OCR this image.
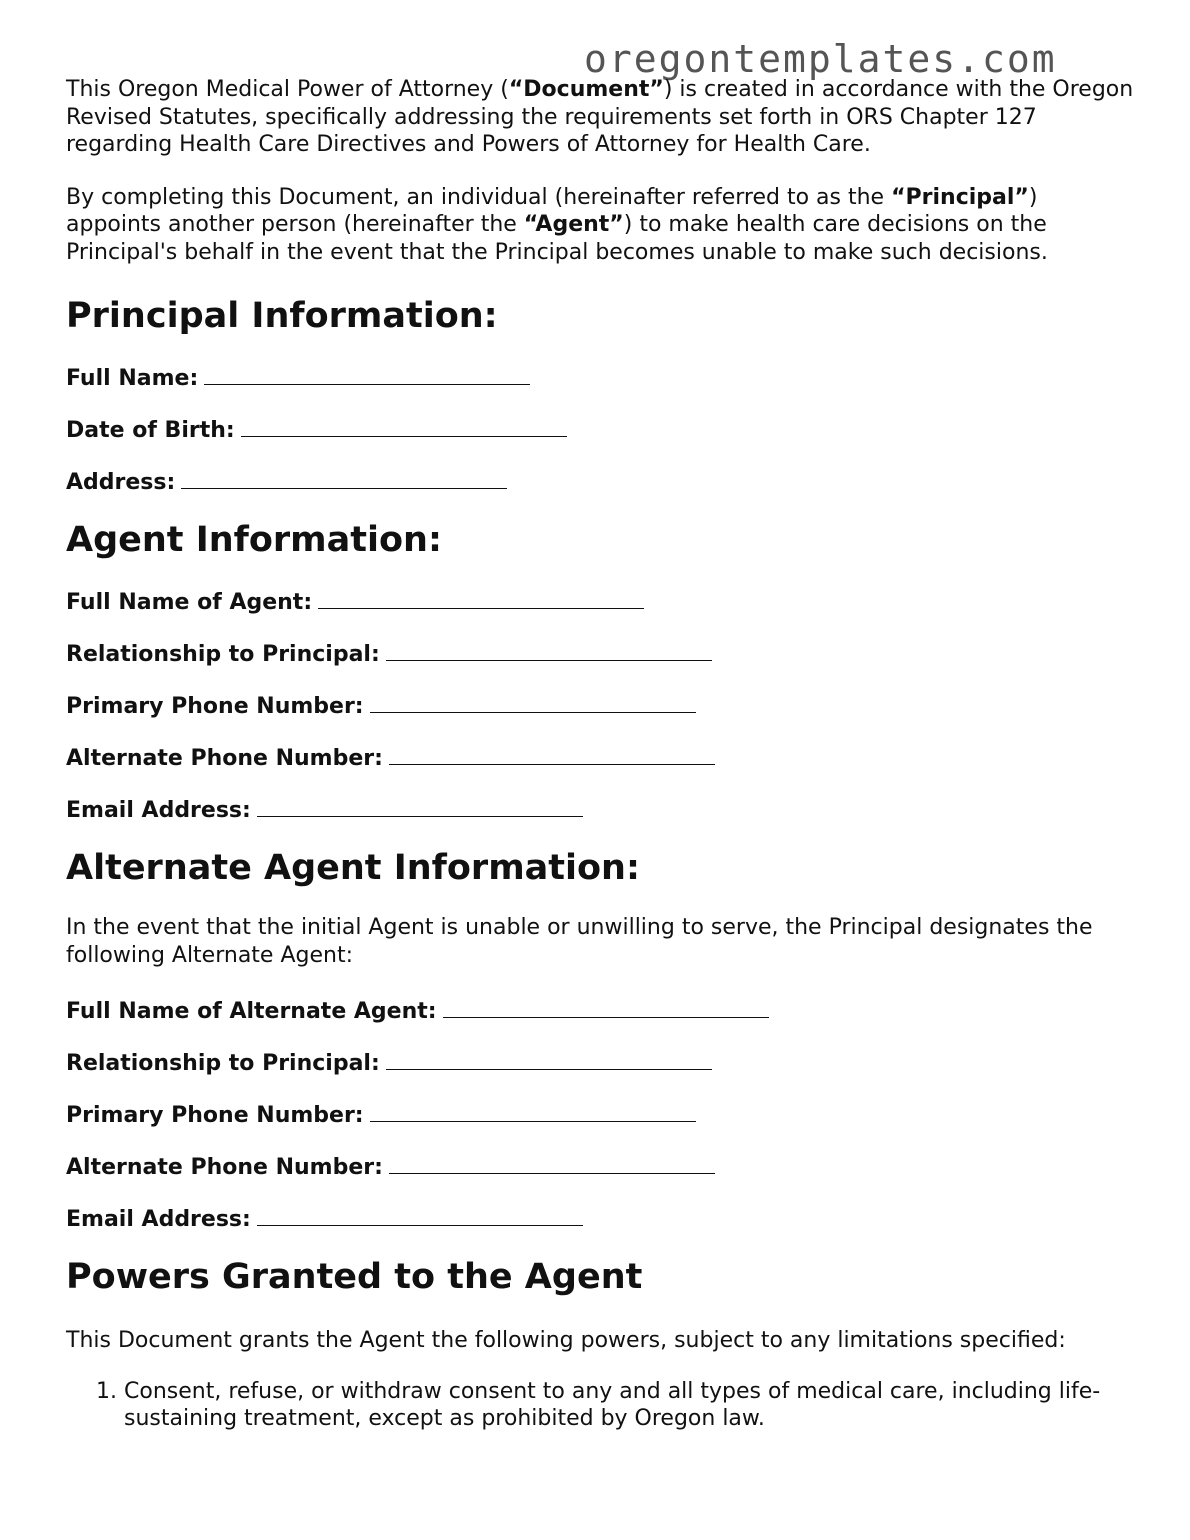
oregontemplates.com

This Oregon Medical Power of Attorney (“Document”) is created in accordance with the Oregon Revised Statutes, specifically addressing the requirements set forth in ORS Chapter 127 regarding Health Care Directives and Powers of Attorney for Health Care.

By completing this Document, an individual (hereinafter referred to as the “Principal”) appoints another person (hereinafter the “Agent”) to make health care decisions on the Principal's behalf in the event that the Principal becomes unable to make such decisions.

Principal Information:
Full Name:
Date of Birth:
Address:
Agent Information:
Full Name of Agent:
Relationship to Principal:
Primary Phone Number:
Alternate Phone Number:
Email Address:
Alternate Agent Information:

In the event that the initial Agent is unable or unwilling to serve, the Principal designates the following Alternate Agent:

Full Name of Alternate Agent:
Relationship to Principal:
Primary Phone Number:
Alternate Phone Number:
Email Address:
Powers Granted to the Agent

This Document grants the Agent the following powers, subject to any limitations specified:

1. Consent, refuse, or withdraw consent to any and all types of medical care, including life-sustaining treatment, except as prohibited by Oregon law.
